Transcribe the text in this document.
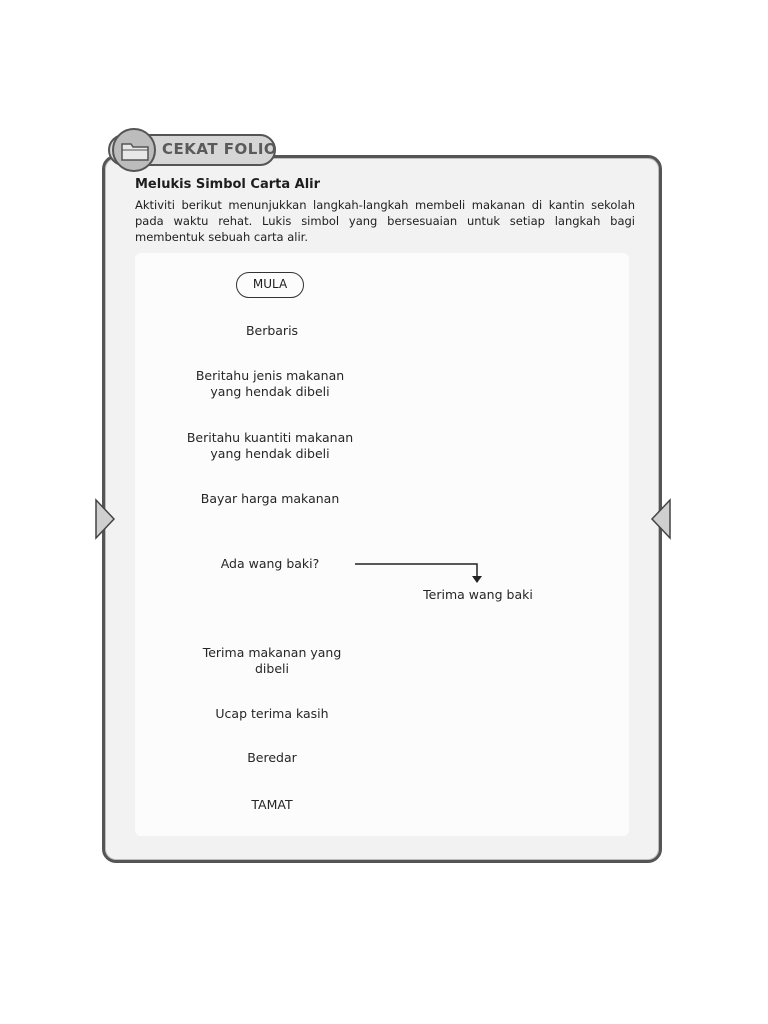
CEKAT FOLIO
Melukis Simbol Carta Alir
Aktiviti berikut menunjukkan langkah-langkah membeli makanan di kantin sekolah pada waktu rehat. Lukis simbol yang bersesuaian untuk setiap langkah bagi membentuk sebuah carta alir.
MULA
Berbaris
Beritahu jenis makanan
yang hendak dibeli
Beritahu kuantiti makanan
yang hendak dibeli
Bayar harga makanan
Ada wang baki?
Terima wang baki
Terima makanan yang
dibeli
Ucap terima kasih
Beredar
TAMAT
